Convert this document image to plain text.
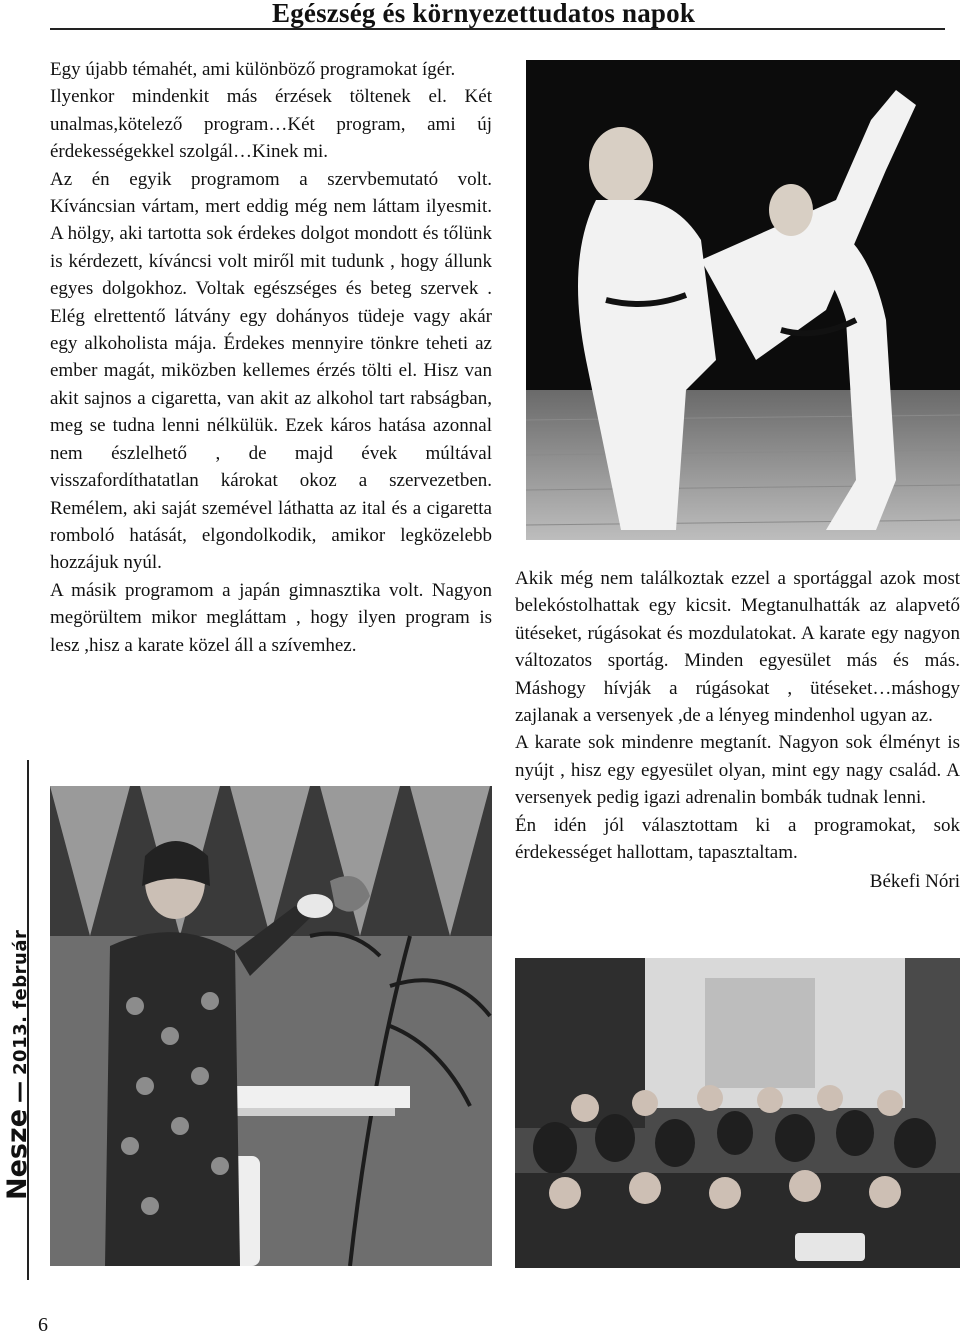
Egészség és környezettudatos napok

Egy újabb témahét, ami különböző programokat ígér.

Ilyenkor mindenkit más érzések töltenek el. Két unalmas,kötelező program…Két program, ami új érdekességekkel szolgál…Kinek mi.

Az én egyik programom a szervbemutató volt. Kíváncsian vártam, mert eddig még nem láttam ilyesmit. A hölgy, aki tartotta sok érdekes dolgot mondott és tőlünk is kérdezett, kíváncsi volt miről mit tudunk , hogy állunk egyes dolgokhoz. Voltak egészséges és beteg szervek . Elég elrettentő látvány egy dohányos tüdeje vagy akár egy alkoholista mája. Érdekes mennyire tönkre teheti az ember magát, miközben kellemes érzés tölti el. Hisz van akit sajnos a cigaretta, van akit az alkohol tart rabságban, meg se tudna lenni nélkülük. Ezek káros hatása azonnal nem észlelhető , de majd évek múltával visszafordíthatatlan károkat okoz a szervezetben. Remélem, aki saját szemével láthatta az ital és a cigaretta romboló hatását, elgondolkodik, amikor legközelebb hozzájuk nyúl.

A másik programom a japán gimnasztika volt. Nagyon megörültem mikor megláttam , hogy ilyen program is lesz ,hisz a karate közel áll a szívemhez.

Akik még nem találkoztak ezzel a sportággal azok most belekóstolhattak egy kicsit. Megtanulhatták az alapvető ütéseket, rúgásokat és mozdulatokat. A karate egy nagyon változatos sportág. Minden egyesület más és más. Máshogy hívják a rúgásokat , ütéseket…máshogy zajlanak a versenyek ,de a lényeg mindenhol ugyan az.

A karate sok mindenre megtanít. Nagyon sok élményt is nyújt , hisz egy egyesület olyan, mint egy nagy család. A versenyek pedig igazi adrenalin bombák tudnak lenni.

Én idén jól választottam ki a programokat, sok érdekességet hallottam, tapasztaltam.

Békefi Nóri

Nesze—2013. február
6
